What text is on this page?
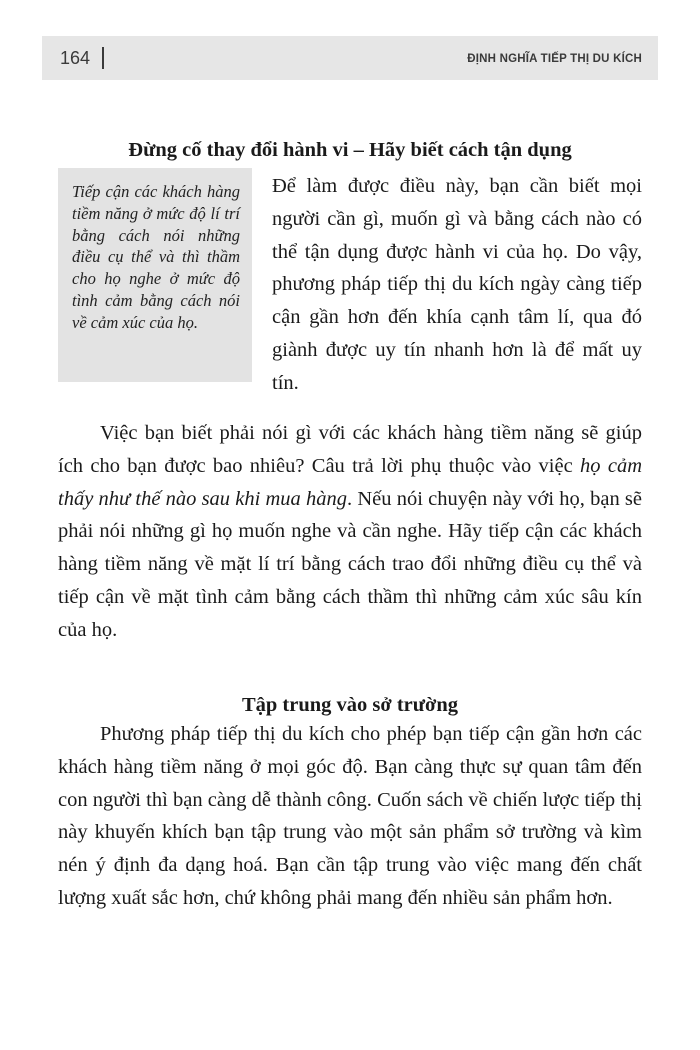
164	ĐỊNH NGHĨA TIẾP THỊ DU KÍCH
Đừng cố thay đổi hành vi – Hãy biết cách tận dụng

Tiếp cận các khách hàng tiềm năng ở mức độ lí trí bằng cách nói những điều cụ thể và thì thầm cho họ nghe ở mức độ tình cảm bằng cách nói về cảm xúc của họ.

Để làm được điều này, bạn cần biết mọi người cần gì, muốn gì và bằng cách nào có thể tận dụng được hành vi của họ. Do vậy, phương pháp tiếp thị du kích ngày càng tiếp cận gần hơn đến khía cạnh tâm lí, qua đó giành được uy tín nhanh hơn là để mất uy tín.

Việc bạn biết phải nói gì với các khách hàng tiềm năng sẽ giúp ích cho bạn được bao nhiêu? Câu trả lời phụ thuộc vào việc họ cảm thấy như thế nào sau khi mua hàng. Nếu nói chuyện này với họ, bạn sẽ phải nói những gì họ muốn nghe và cần nghe. Hãy tiếp cận các khách hàng tiềm năng về mặt lí trí bằng cách trao đổi những điều cụ thể và tiếp cận về mặt tình cảm bằng cách thầm thì những cảm xúc sâu kín của họ.

Tập trung vào sở trường

Phương pháp tiếp thị du kích cho phép bạn tiếp cận gần hơn các khách hàng tiềm năng ở mọi góc độ. Bạn càng thực sự quan tâm đến con người thì bạn càng dễ thành công. Cuốn sách về chiến lược tiếp thị này khuyến khích bạn tập trung vào một sản phẩm sở trường và kìm nén ý định đa dạng hoá. Bạn cần tập trung vào việc mang đến chất lượng xuất sắc hơn, chứ không phải mang đến nhiều sản phẩm hơn.
